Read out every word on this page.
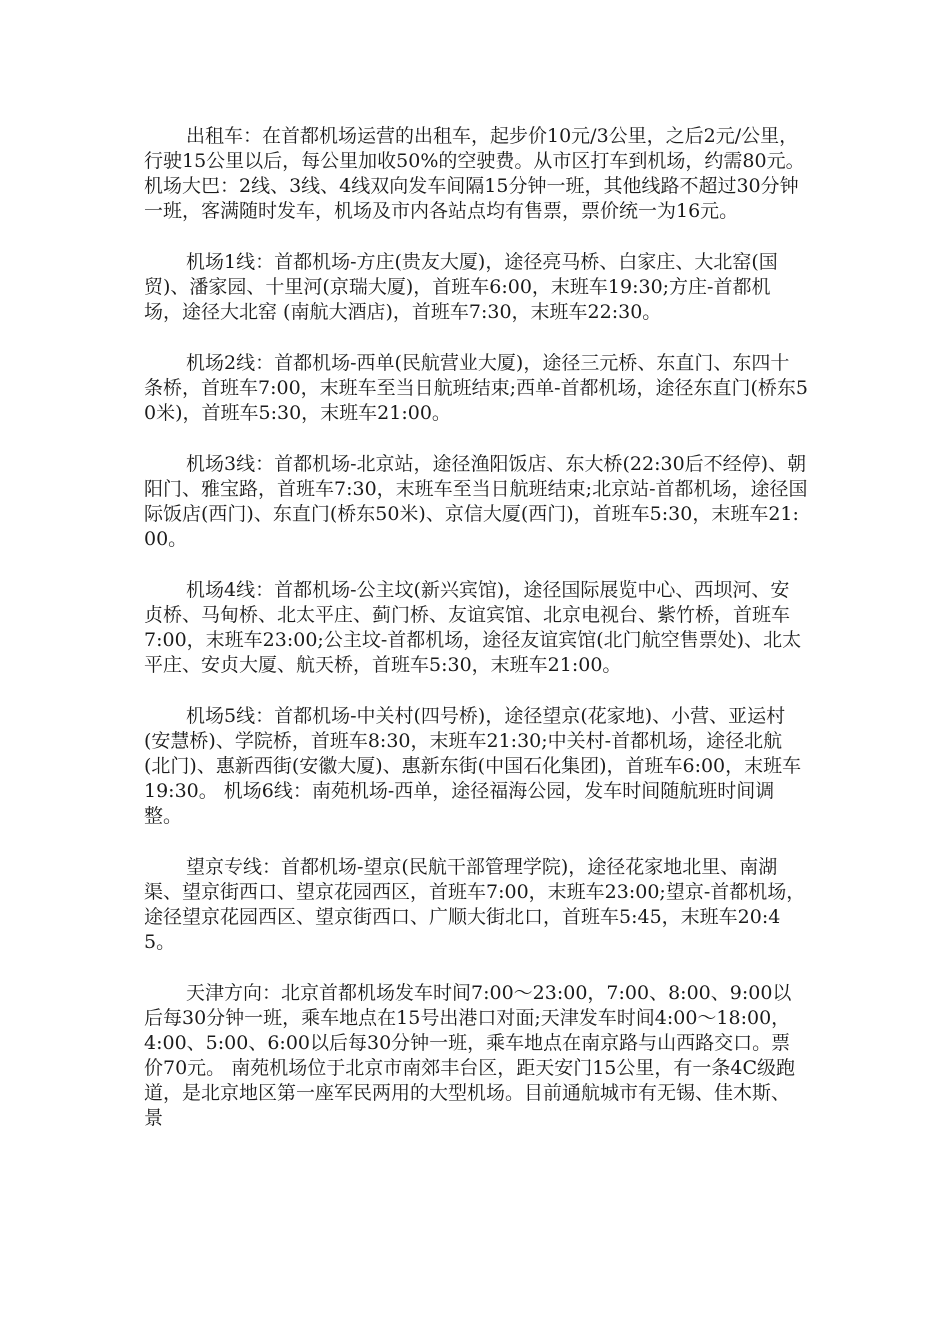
出租车：在首都机场运营的出租车，起步价10元/3公里，之后2元/公里，行驶15公里以后，每公里加收50%的空驶费。从市区打车到机场，约需80元。 机场大巴：2线、3线、4线双向发车间隔15分钟一班，其他线路不超过30分钟一班，客满随时发车，机场及市内各站点均有售票，票价统一为16元。

机场1线：首都机场-方庄(贵友大厦)，途径亮马桥、白家庄、大北窑(国贸)、潘家园、十里河(京瑞大厦)，首班车6:00，末班车19:30;方庄-首都机场，途径大北窑 (南航大酒店)，首班车7:30，末班车22:30。

机场2线：首都机场-西单(民航营业大厦)，途径三元桥、东直门、东四十条桥，首班车7:00，末班车至当日航班结束;西单-首都机场，途径东直门(桥东50米)，首班车5:30，末班车21:00。

机场3线：首都机场-北京站，途径渔阳饭店、东大桥(22:30后不经停)、朝阳门、雅宝路，首班车7:30，末班车至当日航班结束;北京站-首都机场，途径国际饭店(西门)、东直门(桥东50米)、京信大厦(西门)，首班车5:30，末班车21:00。

机场4线：首都机场-公主坟(新兴宾馆)，途径国际展览中心、西坝河、安贞桥、马甸桥、北太平庄、蓟门桥、友谊宾馆、北京电视台、紫竹桥，首班车7:00，末班车23:00;公主坟-首都机场，途径友谊宾馆(北门航空售票处)、北太平庄、安贞大厦、航天桥，首班车5:30，末班车21:00。

机场5线：首都机场-中关村(四号桥)，途径望京(花家地)、小营、亚运村(安慧桥)、学院桥，首班车8:30，末班车21:30;中关村-首都机场，途径北航(北门)、惠新西街(安徽大厦)、惠新东街(中国石化集团)，首班车6:00，末班车19:30。 机场6线：南苑机场-西单，途径福海公园，发车时间随航班时间调整。

望京专线：首都机场-望京(民航干部管理学院)，途径花家地北里、南湖渠、望京街西口、望京花园西区，首班车7:00，末班车23:00;望京-首都机场，途径望京花园西区、望京街西口、广顺大街北口，首班车5:45，末班车20:45。

天津方向：北京首都机场发车时间7:00～23:00，7:00、8:00、9:00以后每30分钟一班，乘车地点在15号出港口对面;天津发车时间4:00～18:00，4:00、5:00、6:00以后每30分钟一班，乘车地点在南京路与山西路交口。票价70元。 南苑机场位于北京市南郊丰台区，距天安门15公里，有一条4C级跑道，是北京地区第一座军民两用的大型机场。目前通航城市有无锡、佳木斯、景
